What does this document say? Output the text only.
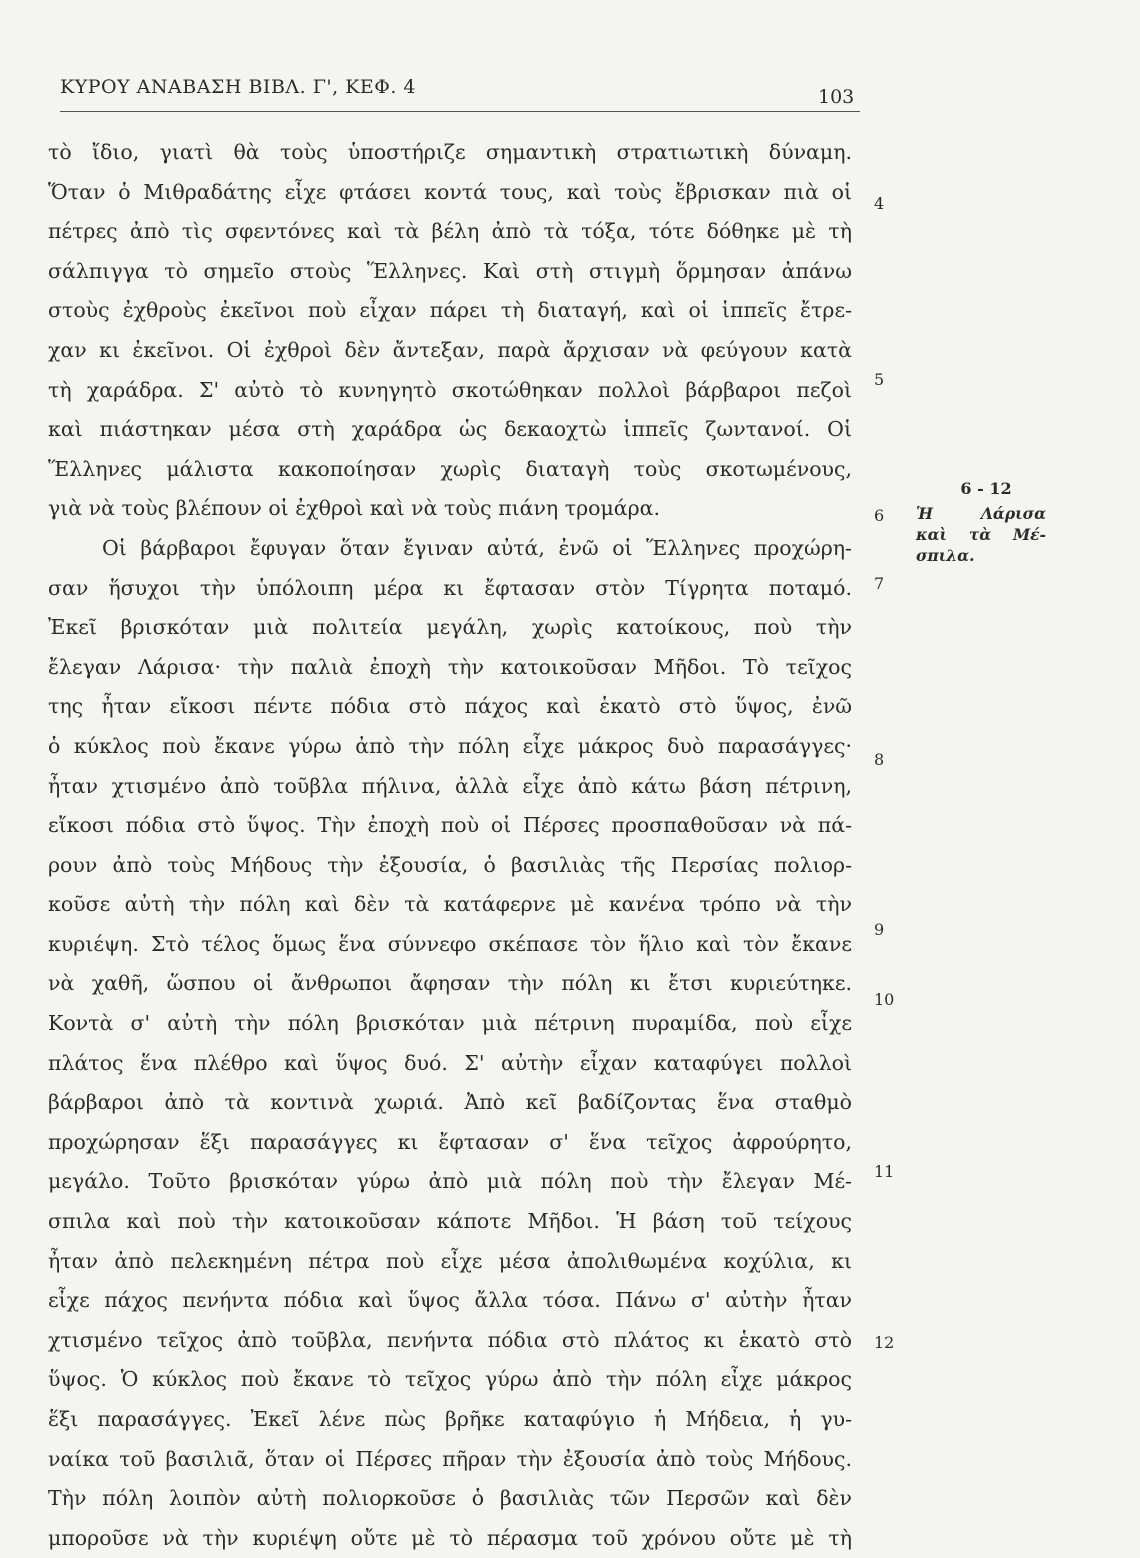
ΚΥΡΟΥ ΑΝΑΒΑΣΗ ΒΙΒΛ. Γ', ΚΕΦ. 4	103
τὸ ἴδιο, γιατὶ θὰ τοὺς ὑποστήριζε σημαντικὴ στρατιωτικὴ δύναμη.
Ὅταν ὁ Μιθραδάτης εἶχε φτάσει κοντά τους, καὶ τοὺς ἔβρισκαν πιὰ οἱ
πέτρες ἀπὸ τὶς σφεντόνες καὶ τὰ βέλη ἀπὸ τὰ τόξα, τότε δόθηκε μὲ τὴ
σάλπιγγα τὸ σημεῖο στοὺς Ἕλληνες. Καὶ στὴ στιγμὴ ὅρμησαν ἀπάνω
στοὺς ἐχθροὺς ἐκεῖνοι ποὺ εἶχαν πάρει τὴ διαταγή, καὶ οἱ ἱππεῖς ἔτρε-
χαν κι ἐκεῖνοι. Οἱ ἐχθροὶ δὲν ἄντεξαν, παρὰ ἄρχισαν νὰ φεύγουν κατὰ
τὴ χαράδρα. Σ' αὐτὸ τὸ κυνηγητὸ σκοτώθηκαν πολλοὶ βάρβαροι πεζοὶ
καὶ πιάστηκαν μέσα στὴ χαράδρα ὡς δεκαοχτὼ ἱππεῖς ζωντανοί. Οἱ
Ἕλληνες μάλιστα κακοποίησαν χωρὶς διαταγὴ τοὺς σκοτωμένους,
γιὰ νὰ τοὺς βλέπουν οἱ ἐχθροὶ καὶ νὰ τοὺς πιάνη τρομάρα.
Οἱ βάρβαροι ἔφυγαν ὅταν ἔγιναν αὐτά, ἐνῶ οἱ Ἕλληνες προχώρη-
σαν ἥσυχοι τὴν ὑπόλοιπη μέρα κι ἔφτασαν στὸν Τίγρητα ποταμό.
Ἐκεῖ βρισκόταν μιὰ πολιτεία μεγάλη, χωρὶς κατοίκους, ποὺ τὴν
ἔλεγαν Λάρισα· τὴν παλιὰ ἐποχὴ τὴν κατοικοῦσαν Μῆδοι. Τὸ τεῖχος
της ἦταν εἴκοσι πέντε πόδια στὸ πάχος καὶ ἑκατὸ στὸ ὕψος, ἐνῶ
ὁ κύκλος ποὺ ἔκανε γύρω ἀπὸ τὴν πόλη εἶχε μάκρος δυὸ παρασάγγες·
ἦταν χτισμένο ἀπὸ τοῦβλα πήλινα, ἀλλὰ εἶχε ἀπὸ κάτω βάση πέτρινη,
εἴκοσι πόδια στὸ ὕψος. Τὴν ἐποχὴ ποὺ οἱ Πέρσες προσπαθοῦσαν νὰ πά-
ρουν ἀπὸ τοὺς Μήδους τὴν ἐξουσία, ὁ βασιλιὰς τῆς Περσίας πολιορ-
κοῦσε αὐτὴ τὴν πόλη καὶ δὲν τὰ κατάφερνε μὲ κανένα τρόπο νὰ τὴν
κυριέψη. Στὸ τέλος ὅμως ἕνα σύννεφο σκέπασε τὸν ἥλιο καὶ τὸν ἔκανε
νὰ χαθῆ, ὥσπου οἱ ἄνθρωποι ἄφησαν τὴν πόλη κι ἔτσι κυριεύτηκε.
Κοντὰ σ' αὐτὴ τὴν πόλη βρισκόταν μιὰ πέτρινη πυραμίδα, ποὺ εἶχε
πλάτος ἕνα πλέθρο καὶ ὕψος δυό. Σ' αὐτὴν εἶχαν καταφύγει πολλοὶ
βάρβαροι ἀπὸ τὰ κοντινὰ χωριά. Ἀπὸ κεῖ βαδίζοντας ἕνα σταθμὸ
προχώρησαν ἕξι παρασάγγες κι ἔφτασαν σ' ἕνα τεῖχος ἀφρούρητο,
μεγάλο. Τοῦτο βρισκόταν γύρω ἀπὸ μιὰ πόλη ποὺ τὴν ἔλεγαν Μέ-
σπιλα καὶ ποὺ τὴν κατοικοῦσαν κάποτε Μῆδοι. Ἡ βάση τοῦ τείχους
ἦταν ἀπὸ πελεκημένη πέτρα ποὺ εἶχε μέσα ἀπολιθωμένα κοχύλια, κι
εἶχε πάχος πενήντα πόδια καὶ ὕψος ἄλλα τόσα. Πάνω σ' αὐτὴν ἦταν
χτισμένο τεῖχος ἀπὸ τοῦβλα, πενήντα πόδια στὸ πλάτος κι ἑκατὸ στὸ
ὕψος. Ὁ κύκλος ποὺ ἔκανε τὸ τεῖχος γύρω ἀπὸ τὴν πόλη εἶχε μάκρος
ἕξι παρασάγγες. Ἐκεῖ λένε πὼς βρῆκε καταφύγιο ἡ Μήδεια, ἡ γυ-
ναίκα τοῦ βασιλιᾶ, ὅταν οἱ Πέρσες πῆραν τὴν ἐξουσία ἀπὸ τοὺς Μήδους.
Τὴν πόλη λοιπὸν αὐτὴ πολιορκοῦσε ὁ βασιλιὰς τῶν Περσῶν καὶ δὲν
μποροῦσε νὰ τὴν κυριέψη οὔτε μὲ τὸ πέρασμα τοῦ χρόνου οὔτε μὲ τὴ
4
5
6
7
8
9
10
11
12
6 - 12
Ἡ Λάρισα
καὶ τὰ Μέ-
σπιλα.
